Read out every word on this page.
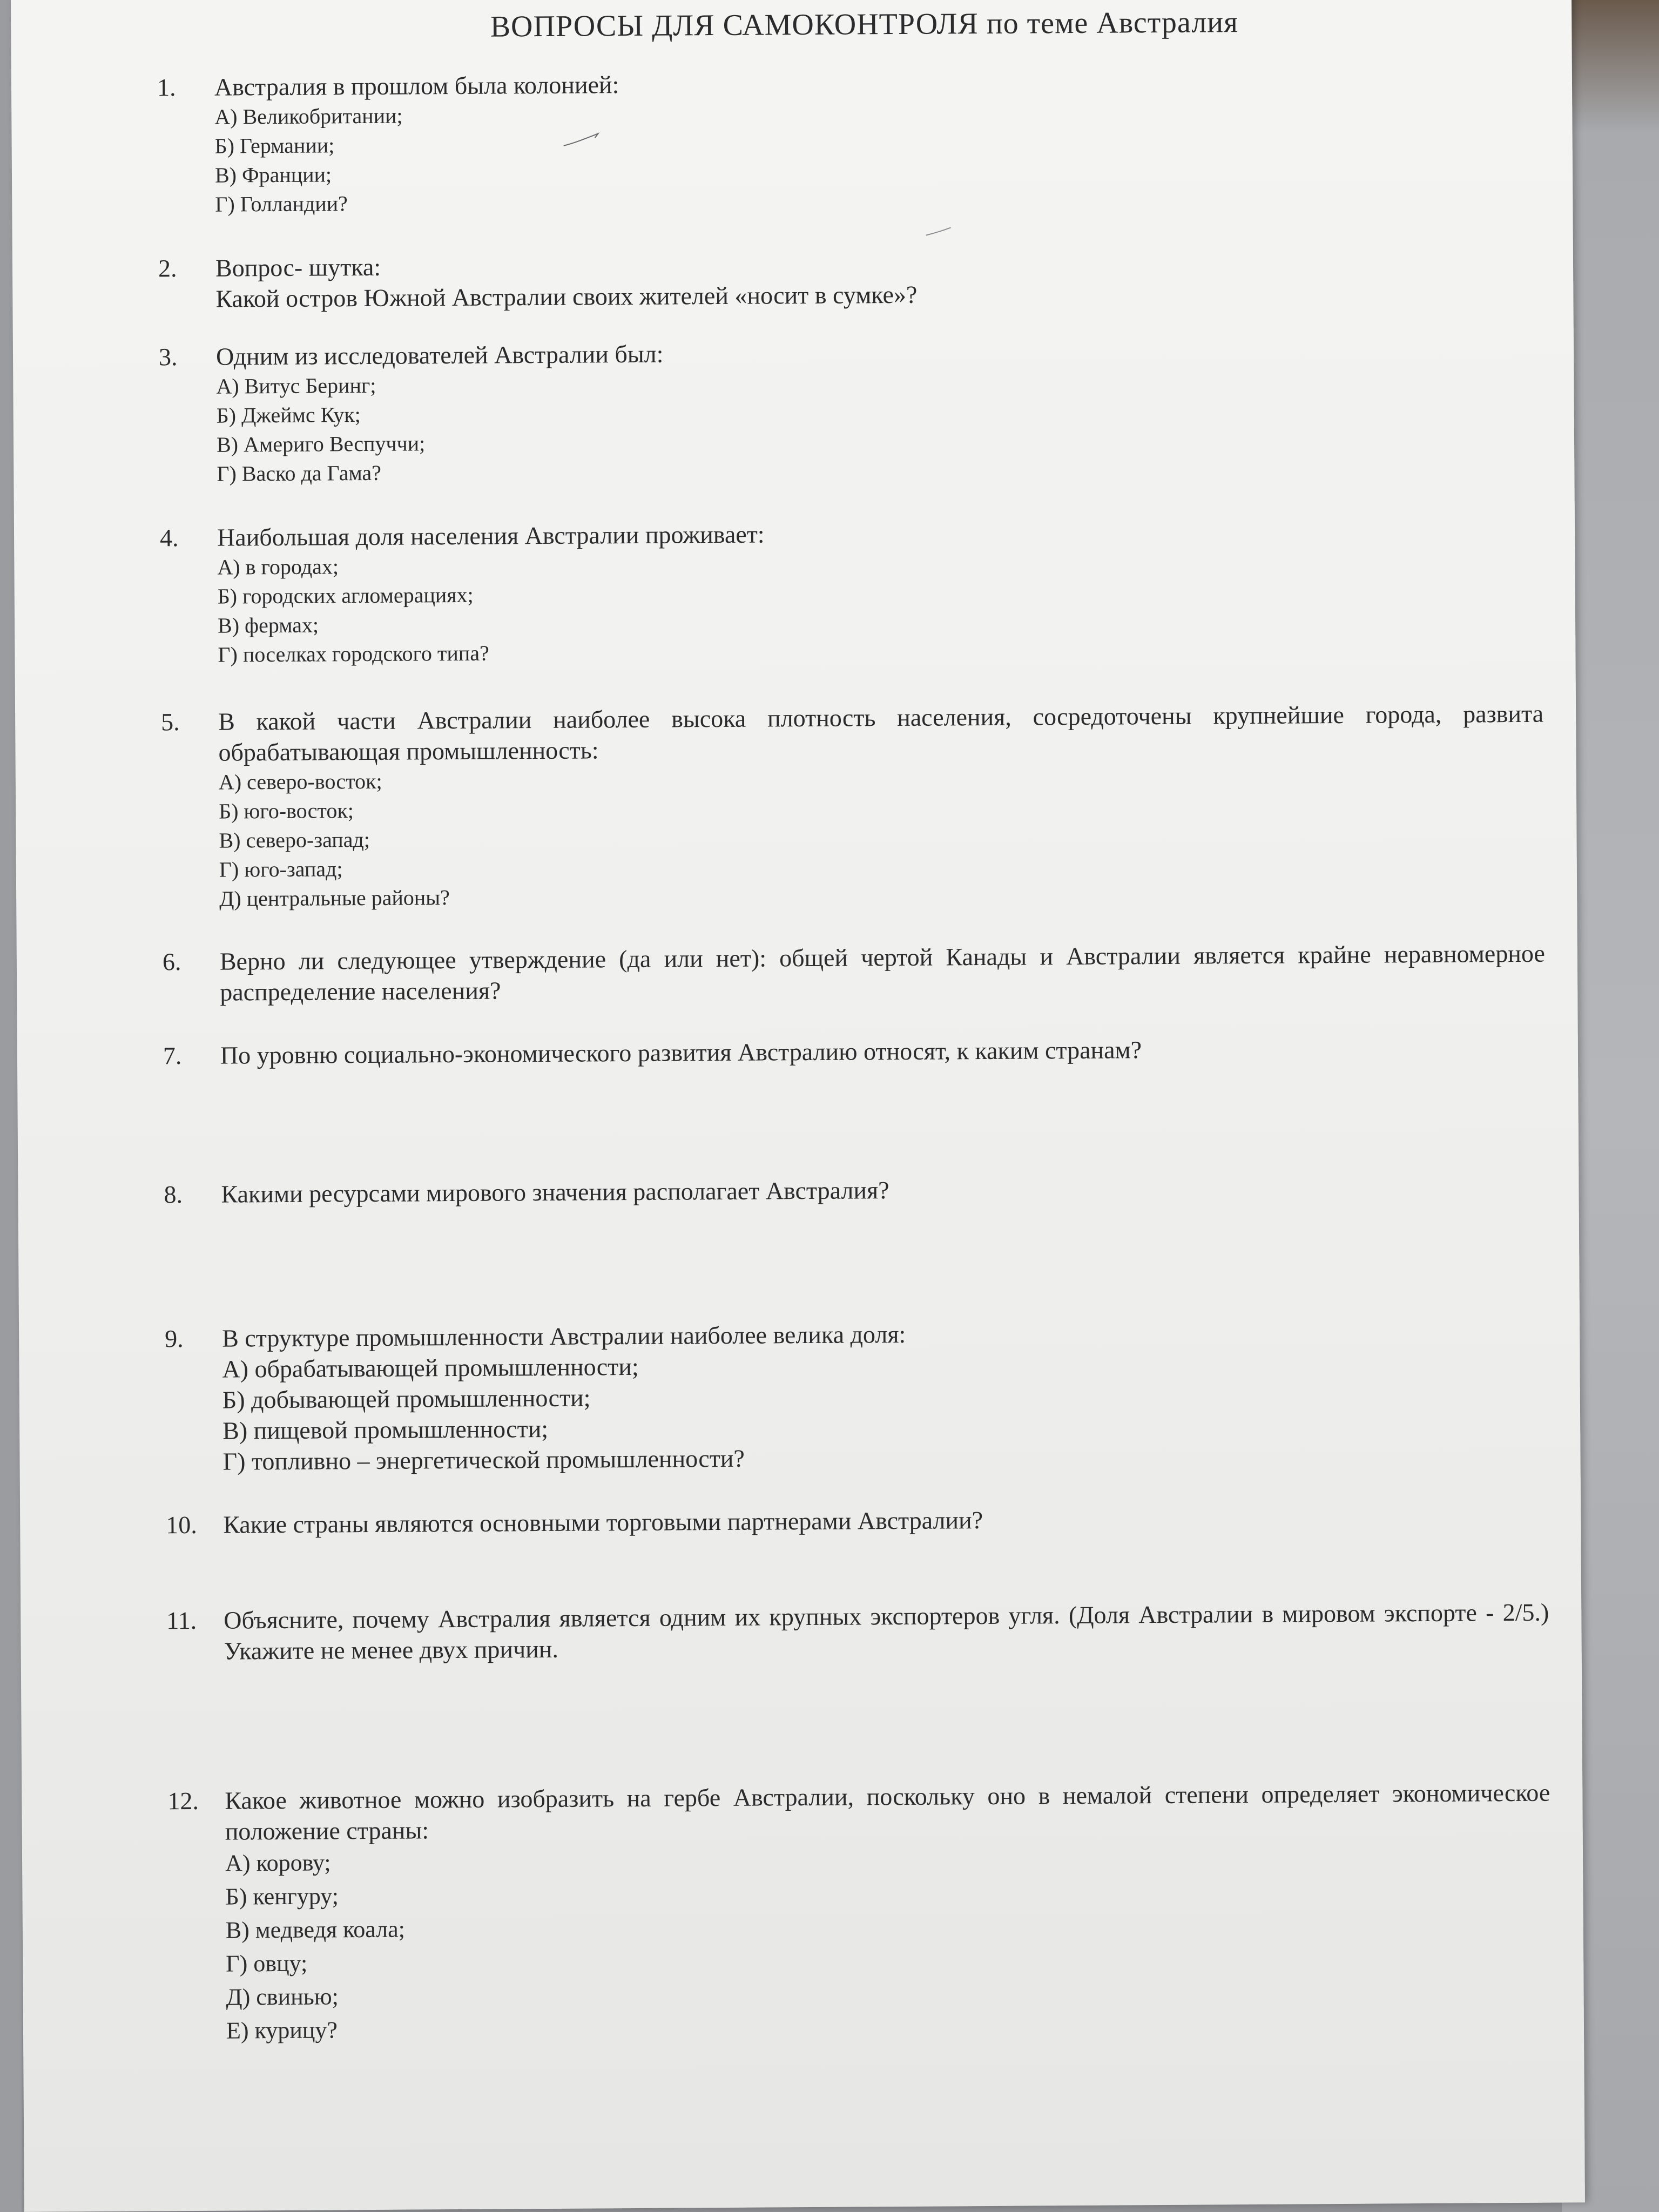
ВОПРОСЫ ДЛЯ САМОКОНТРОЛЯ по теме Австралия
1. Австралия в прошлом была колонией:
А) Великобритании;
Б) Германии;
В) Франции;
Г) Голландии?
2. Вопрос- шутка:
Какой остров Южной Австралии своих жителей «носит в сумке»?
3. Одним из исследователей Австралии был:
А) Витус Беринг;
Б) Джеймс Кук;
В) Америго Веспуччи;
Г) Васко да Гама?
4. Наибольшая доля населения Австралии проживает:
А) в городах;
Б) городских агломерациях;
В) фермах;
Г) поселках городского типа?
5. В какой части Австралии наиболее высока плотность населения, сосредоточены крупнейшие города, развита обрабатывающая промышленность:
А) северо-восток;
Б) юго-восток;
В) северо-запад;
Г) юго-запад;
Д) центральные районы?
6. Верно ли следующее утверждение (да или нет): общей чертой Канады и Австралии является крайне неравномерное распределение населения?
7. По уровню социально-экономического развития Австралию относят, к каким странам?
8. Какими ресурсами мирового значения располагает Австралия?
9. В структуре промышленности Австралии наиболее велика доля:
А) обрабатывающей промышленности;
Б) добывающей промышленности;
В) пищевой промышленности;
Г) топливно – энергетической промышленности?
10. Какие страны являются основными торговыми партнерами Австралии?
11. Объясните, почему Австралия является одним их крупных экспортеров угля. (Доля Австралии в мировом экспорте - 2/5.) Укажите не менее двух причин.
12. Какое животное можно изобразить на гербе Австралии, поскольку оно в немалой степени определяет экономическое положение страны:
А) корову;
Б) кенгуру;
В) медведя коала;
Г) овцу;
Д) свинью;
Е) курицу?
